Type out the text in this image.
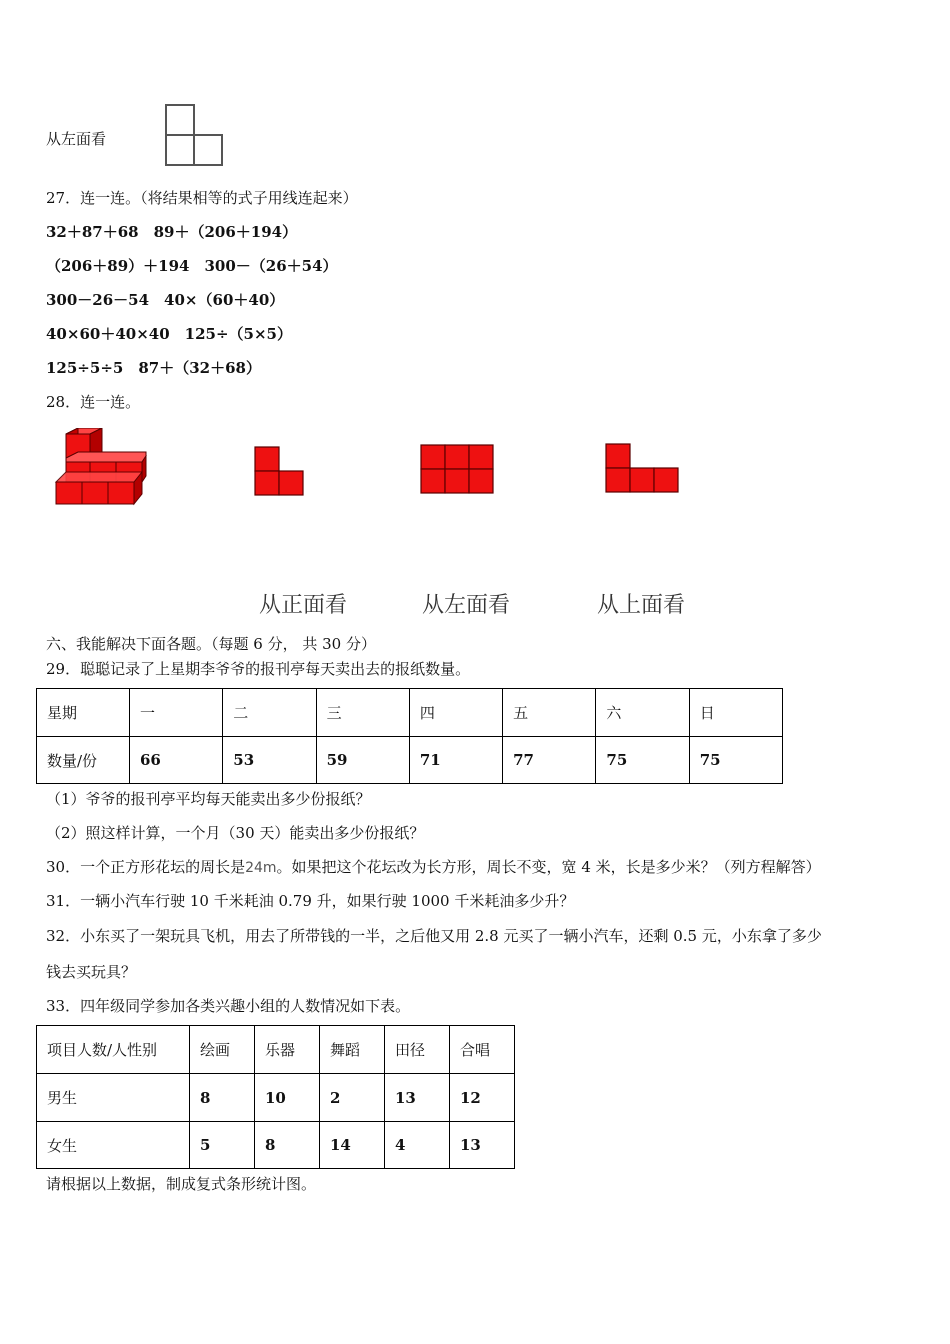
从左面看
27．连一连。（将结果相等的式子用线连起来）
32＋87＋68　89＋（206＋194）
（206＋89）＋194　300－（26＋54）
300－26－54　40×（60＋40）
40×60＋40×40　125÷（5×5）
125÷5÷5　87＋（32＋68）
28．连一连。
从正面看	从左面看	从上面看
六、我能解决下面各题。（每题 6 分， 共 30 分）
29．聪聪记录了上星期李爷爷的报刊亭每天卖出去的报纸数量。
星期	一	二	三	四	五	六	日
数量/份	66	53	59	71	77	75	75
（1）爷爷的报刊亭平均每天能卖出多少份报纸？
（2）照这样计算，一个月（30 天）能卖出多少份报纸？
30．一个正方形花坛的周长是24m。如果把这个花坛改为长方形，周长不变，宽 4 米，长是多少米？（列方程解答）
31．一辆小汽车行驶 10 千米耗油 0.79 升，如果行驶 1000 千米耗油多少升？
32．小东买了一架玩具飞机，用去了所带钱的一半，之后他又用 2.8 元买了一辆小汽车，还剩 0.5 元，小东拿了多少
钱去买玩具？
33．四年级同学参加各类兴趣小组的人数情况如下表。
项目人数/人性别	绘画	乐器	舞蹈	田径	合唱
男生	8	10	2	13	12
女生	5	8	14	4	13
请根据以上数据，制成复式条形统计图。
